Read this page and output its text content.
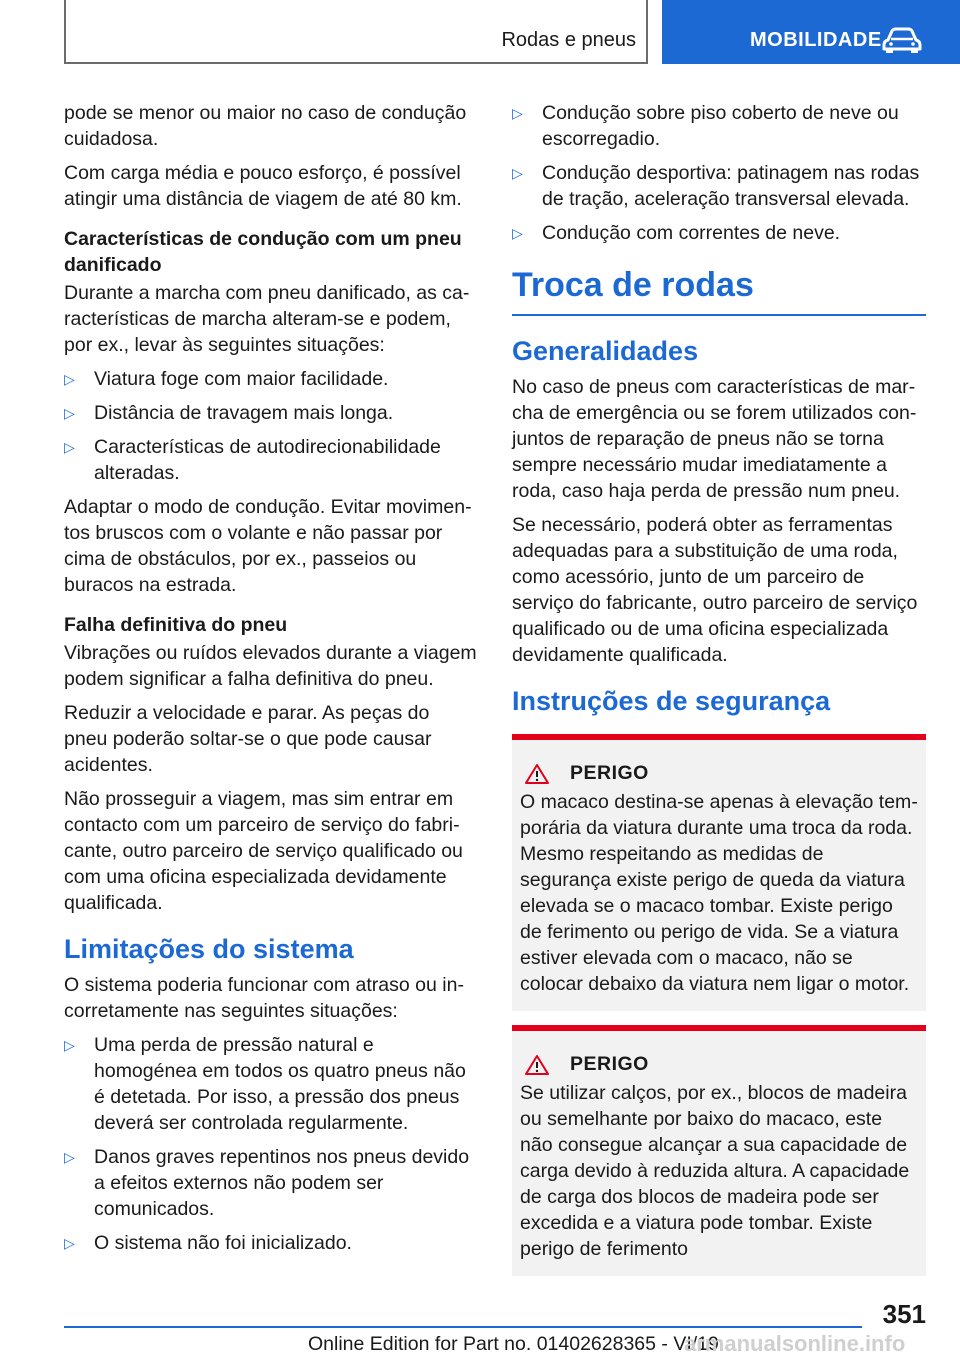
Rodas e pneus	MOBILIDADE

pode se menor ou maior no caso de condução cuidadosa.

Com carga média e pouco esforço, é possível atingir uma distância de viagem de até 80 km.

Características de condução com um pneu danificado

Durante a marcha com pneu danificado, as características de marcha alteram-se e podem, por ex., levar às seguintes situações:

▷ Viatura foge com maior facilidade.
▷ Distância de travagem mais longa.
▷ Características de autodirecionabilidade alteradas.

Adaptar o modo de condução. Evitar movimentos bruscos com o volante e não passar por cima de obstáculos, por ex., passeios ou buracos na estrada.

Falha definitiva do pneu

Vibrações ou ruídos elevados durante a viagem podem significar a falha definitiva do pneu.

Reduzir a velocidade e parar. As peças do pneu poderão soltar-se o que pode causar acidentes.

Não prosseguir a viagem, mas sim entrar em contacto com um parceiro de serviço do fabricante, outro parceiro de serviço qualificado ou com uma oficina especializada devidamente qualificada.

Limitações do sistema

O sistema poderia funcionar com atraso ou incorretamente nas seguintes situações:

▷ Uma perda de pressão natural e homogénea em todos os quatro pneus não é detetada. Por isso, a pressão dos pneus deverá ser controlada regularmente.
▷ Danos graves repentinos nos pneus devido a efeitos externos não podem ser comunicados.
▷ O sistema não foi inicializado.
▷ Condução sobre piso coberto de neve ou escorregadio.
▷ Condução desportiva: patinagem nas rodas de tração, aceleração transversal elevada.
▷ Condução com correntes de neve.
Troca de rodas
Generalidades

No caso de pneus com características de marcha de emergência ou se forem utilizados conjuntos de reparação de pneus não se torna sempre necessário mudar imediatamente a roda, caso haja perda de pressão num pneu.

Se necessário, poderá obter as ferramentas adequadas para a substituição de uma roda, como acessório, junto de um parceiro de serviço do fabricante, outro parceiro de serviço qualificado ou de uma oficina especializada devidamente qualificada.

Instruções de segurança
PERIGO

O macaco destina-se apenas à elevação temporária da viatura durante uma troca da roda. Mesmo respeitando as medidas de segurança existe perigo de queda da viatura elevada se o macaco tombar. Existe perigo de ferimento ou perigo de vida. Se a viatura estiver elevada com o macaco, não se colocar debaixo da viatura nem ligar o motor.

PERIGO

Se utilizar calços, por ex., blocos de madeira ou semelhante por baixo do macaco, este não consegue alcançar a sua capacidade de carga devido à reduzida altura. A capacidade de carga dos blocos de madeira pode ser excedida e a viatura pode tombar. Existe perigo de ferimento

351
Online Edition for Part no. 01402628365 - VI/19
armanualsonline.info
